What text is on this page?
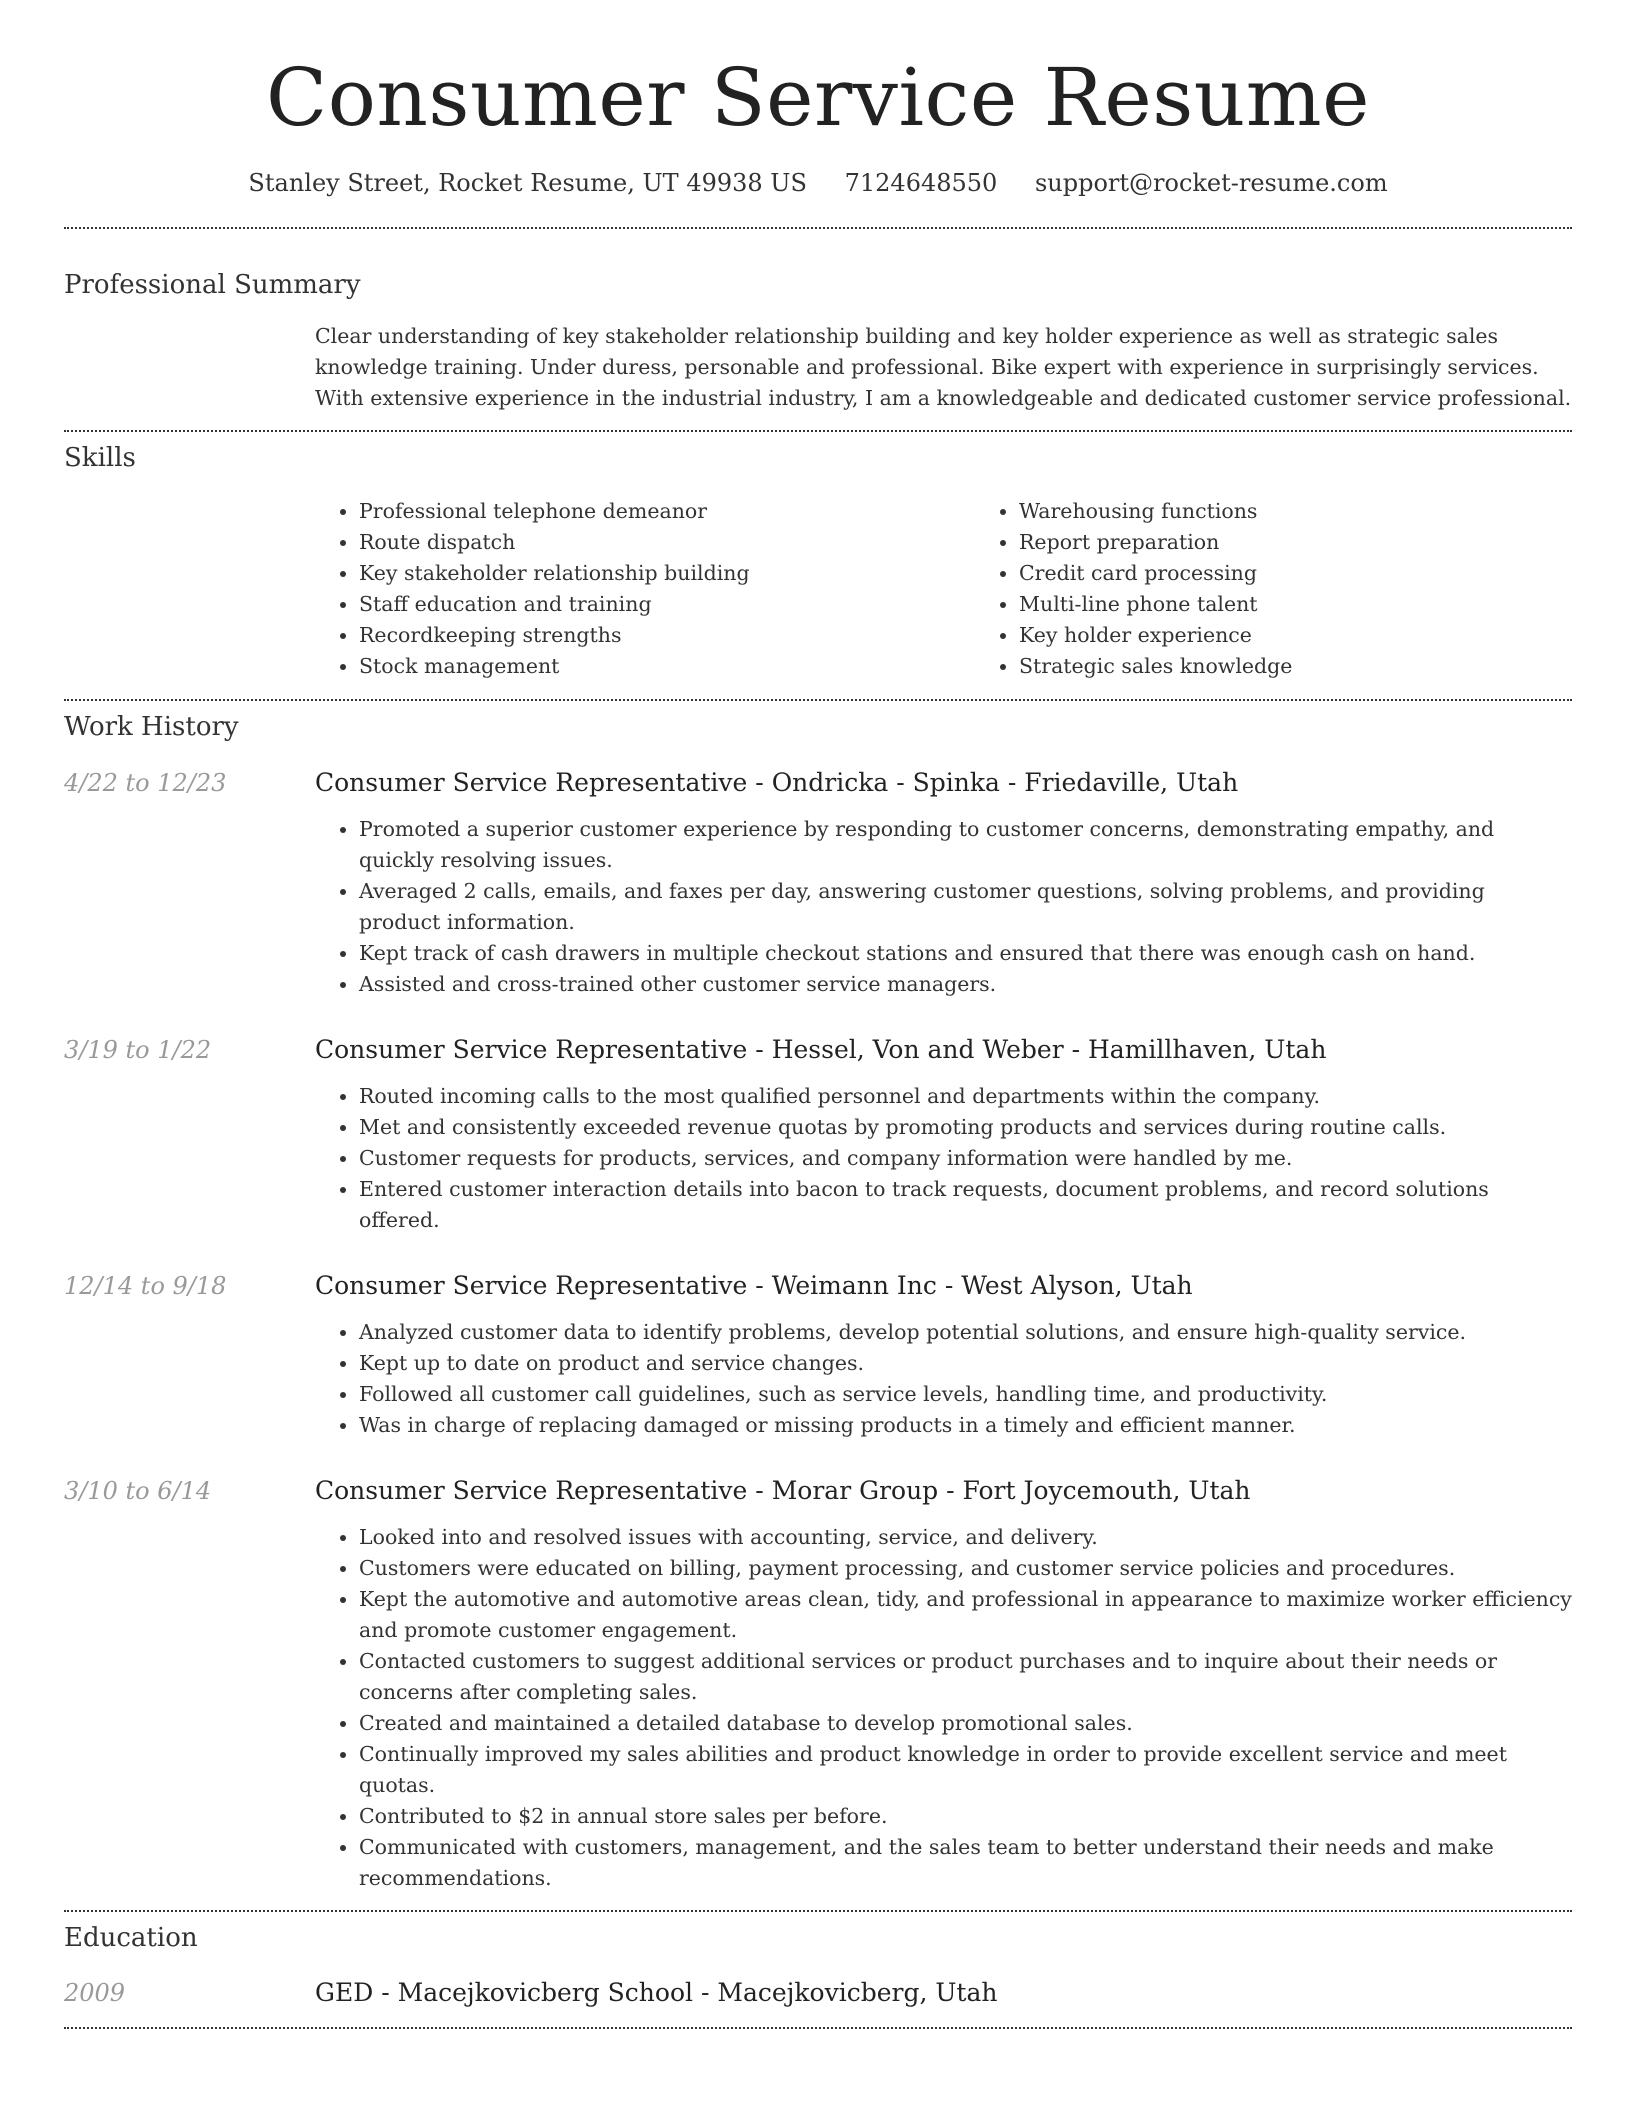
Consumer Service Resume
Stanley Street, Rocket Resume, UT 49938 US 7124648550 support@rocket-resume.com
Professional Summary

Clear understanding of key stakeholder relationship building and key holder experience as well as strategic sales knowledge training. Under duress, personable and professional. Bike expert with experience in surprisingly services. With extensive experience in the industrial industry, I am a knowledgeable and dedicated customer service professional.

Skills
• Professional telephone demeanor
• Route dispatch
• Key stakeholder relationship building
• Staff education and training
• Recordkeeping strengths
• Stock management
• Warehousing functions
• Report preparation
• Credit card processing
• Multi-line phone talent
• Key holder experience
• Strategic sales knowledge
Work History
4/22 to 12/23	Consumer Service Representative - Ondricka - Spinka - Friedaville, Utah
• Promoted a superior customer experience by responding to customer concerns, demonstrating empathy, and quickly resolving issues.
• Averaged 2 calls, emails, and faxes per day, answering customer questions, solving problems, and providing product information.
• Kept track of cash drawers in multiple checkout stations and ensured that there was enough cash on hand.
• Assisted and cross-trained other customer service managers.
3/19 to 1/22	Consumer Service Representative - Hessel, Von and Weber - Hamillhaven, Utah
• Routed incoming calls to the most qualified personnel and departments within the company.
• Met and consistently exceeded revenue quotas by promoting products and services during routine calls.
• Customer requests for products, services, and company information were handled by me.
• Entered customer interaction details into bacon to track requests, document problems, and record solutions offered.
12/14 to 9/18	Consumer Service Representative - Weimann Inc - West Alyson, Utah
• Analyzed customer data to identify problems, develop potential solutions, and ensure high-quality service.
• Kept up to date on product and service changes.
• Followed all customer call guidelines, such as service levels, handling time, and productivity.
• Was in charge of replacing damaged or missing products in a timely and efficient manner.
3/10 to 6/14	Consumer Service Representative - Morar Group - Fort Joycemouth, Utah
• Looked into and resolved issues with accounting, service, and delivery.
• Customers were educated on billing, payment processing, and customer service policies and procedures.
• Kept the automotive and automotive areas clean, tidy, and professional in appearance to maximize worker efficiency and promote customer engagement.
• Contacted customers to suggest additional services or product purchases and to inquire about their needs or concerns after completing sales.
• Created and maintained a detailed database to develop promotional sales.
• Continually improved my sales abilities and product knowledge in order to provide excellent service and meet quotas.
• Contributed to $2 in annual store sales per before.
• Communicated with customers, management, and the sales team to better understand their needs and make recommendations.
Education
2009	GED - Macejkovicberg School - Macejkovicberg, Utah
